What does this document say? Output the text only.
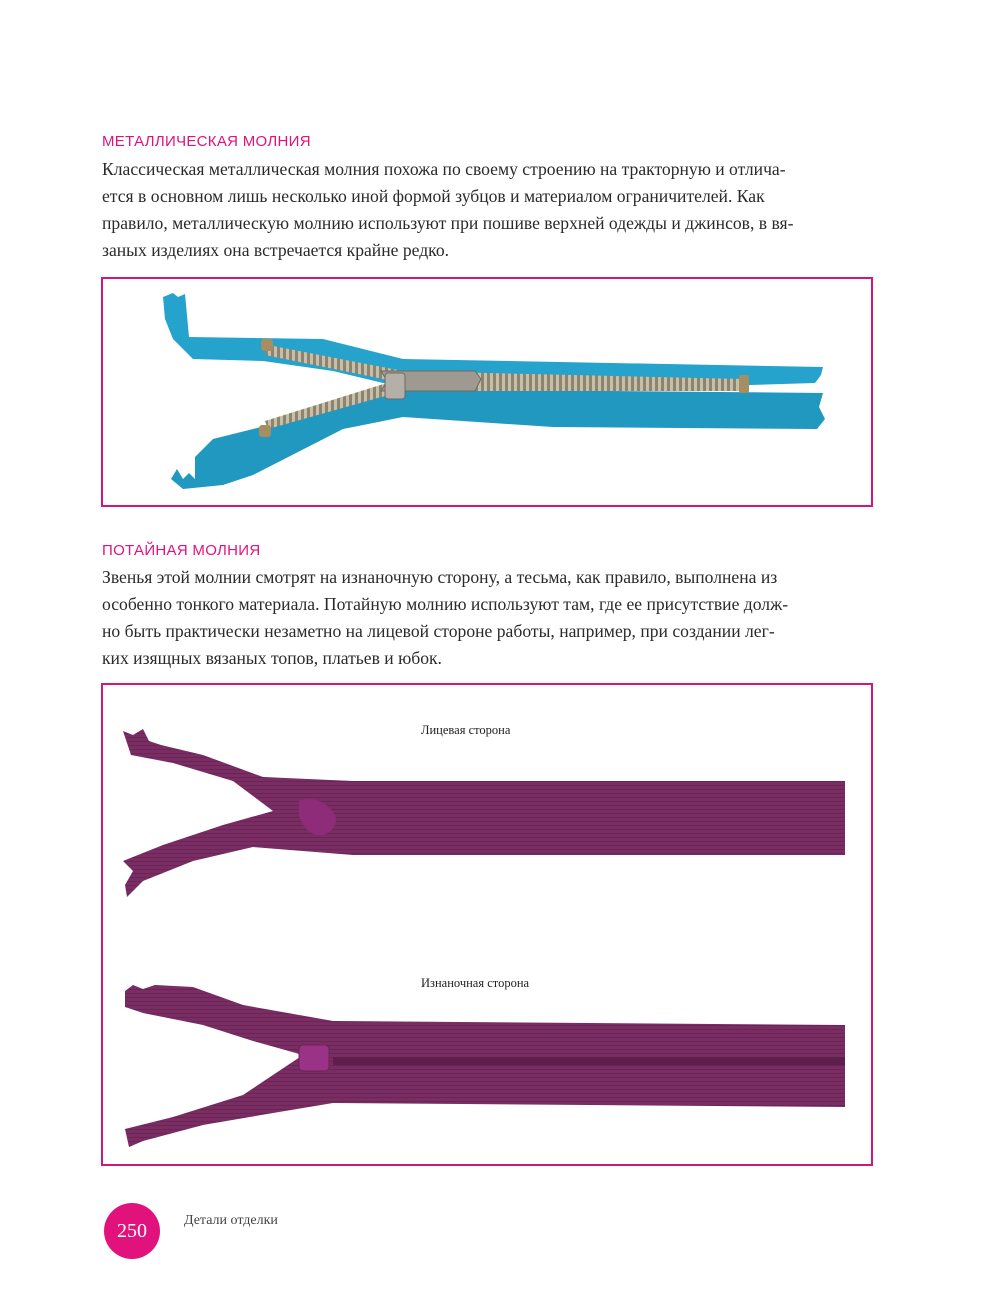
МЕТАЛЛИЧЕСКАЯ МОЛНИЯ
Классическая металлическая молния похожа по своему строению на тракторную и отлича-
ется в основном лишь несколько иной формой зубцов и материалом ограничителей. Как
правило, металлическую молнию используют при пошиве верхней одежды и джинсов, в вя-
заных изделиях она встречается крайне редко.
ПОТАЙНАЯ МОЛНИЯ
Звенья этой молнии смотрят на изнаночную сторону, а тесьма, как правило, выполнена из
особенно тонкого материала. Потайную молнию используют там, где ее присутствие долж-
но быть практически незаметно на лицевой стороне работы, например, при создании лег-
ких изящных вязаных топов, платьев и юбок.
Лицевая сторона
Изнаночная сторона
250	Детали отделки
